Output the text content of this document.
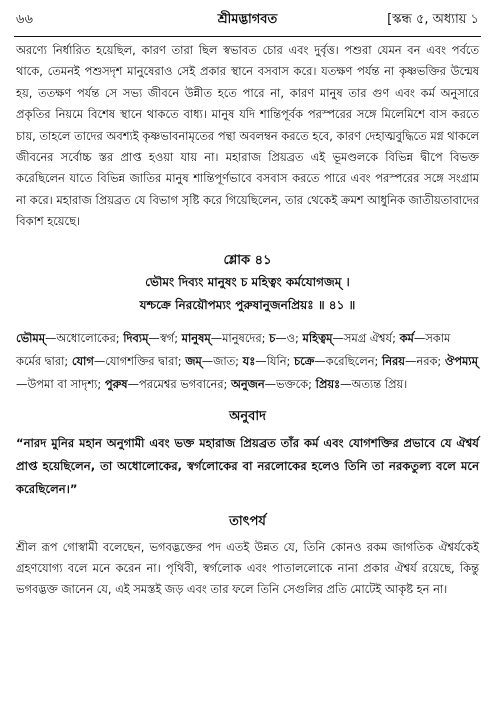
৬৬	শ্রীমদ্ভাগবত	[স্কন্ধ ৫, অধ্যায় ১

অরণ্যে নির্ধারিত হয়েছিল, কারণ তারা ছিল স্বভাবত চোর এবং দুর্বৃত্ত। পশুরা যেমন বন এবং পর্বতে থাকে, তেমনই পশুসদৃশ মানুষেরাও সেই প্রকার স্থানে বসবাস করে। যতক্ষণ পর্যন্ত না কৃষ্ণভক্তির উন্মেষ হয়, ততক্ষণ পর্যন্ত সে সভ্য জীবনে উন্নীত হতে পারে না, কারণ মানুষ তার গুণ এবং কর্ম অনুসারে প্রকৃতির নিয়মে বিশেষ স্থানে থাকতে বাধ্য। মানুষ যদি শান্তিপূর্বক পরস্পরের সঙ্গে মিলেমিশে বাস করতে চায়, তাহলে তাদের অবশ্যই কৃষ্ণভাবনামৃতের পন্থা অবলম্বন করতে হবে, কারণ দেহাত্মবুদ্ধিতে মগ্ন থাকলে জীবনের সর্বোচ্চ স্তর প্রাপ্ত হওয়া যায় না। মহারাজ প্রিয়ব্রত এই ভূমণ্ডলকে বিভিন্ন দ্বীপে বিভক্ত করেছিলেন যাতে বিভিন্ন জাতির মানুষ শান্তিপূর্ণভাবে বসবাস করতে পারে এবং পরস্পরের সঙ্গে সংগ্রাম না করে। মহারাজ প্রিয়ব্রত যে বিভাগ সৃষ্টি করে গিয়েছিলেন, তার থেকেই ক্রমশ আধুনিক জাতীয়তাবাদের বিকাশ হয়েছে।

শ্লোক ৪১
ভৌমং দিব্যং মানুষং চ মহিত্বং কর্মযোগজম্ ।
যশ্চক্রে নিরয়ৌপম্যং পুরুষানুজনপ্রিয়ঃ ॥ ৪১ ॥

ভৌমম্—অধোলোকের; দিব্যম্—স্বর্গ; মানুষম্—মানুষদের; চ—ও; মহিত্বম্—সমগ্র ঐশ্বর্য; কর্ম—সকাম কর্মের দ্বারা; যোগ—যোগশক্তির দ্বারা; জম্—জাত; যঃ—যিনি; চক্রে—করেছিলেন; নিরয়—নরক; ঔপম্যম্—উপমা বা সাদৃশ্য; পুরুষ—পরমেশ্বর ভগবানের; অনুজন—ভক্তকে; প্রিয়ঃ—অত্যন্ত প্রিয়।

অনুবাদ

“নারদ মুনির মহান অনুগামী এবং ভক্ত মহারাজ প্রিয়ব্রত তাঁর কর্ম এবং যোগশক্তির প্রভাবে যে ঐশ্বর্য প্রাপ্ত হয়েছিলেন, তা অধোলোকের, স্বর্গলোকের বা নরলোকের হলেও তিনি তা নরকতুল্য বলে মনে করেছিলেন।”

তাৎপর্য

শ্রীল রূপ গোস্বামী বলেছেন, ভগবদ্ভক্তের পদ এতই উন্নত যে, তিনি কোনও রকম জাগতিক ঐশ্বর্যকেই গ্রহণযোগ্য বলে মনে করেন না। পৃথিবী, স্বর্গলোক এবং পাতাললোকে নানা প্রকার ঐশ্বর্য রয়েছে, কিন্তু ভগবদ্ভক্ত জানেন যে, এই সমস্তই জড় এবং তার ফলে তিনি সেগুলির প্রতি মোটেই আকৃষ্ট হন না।
